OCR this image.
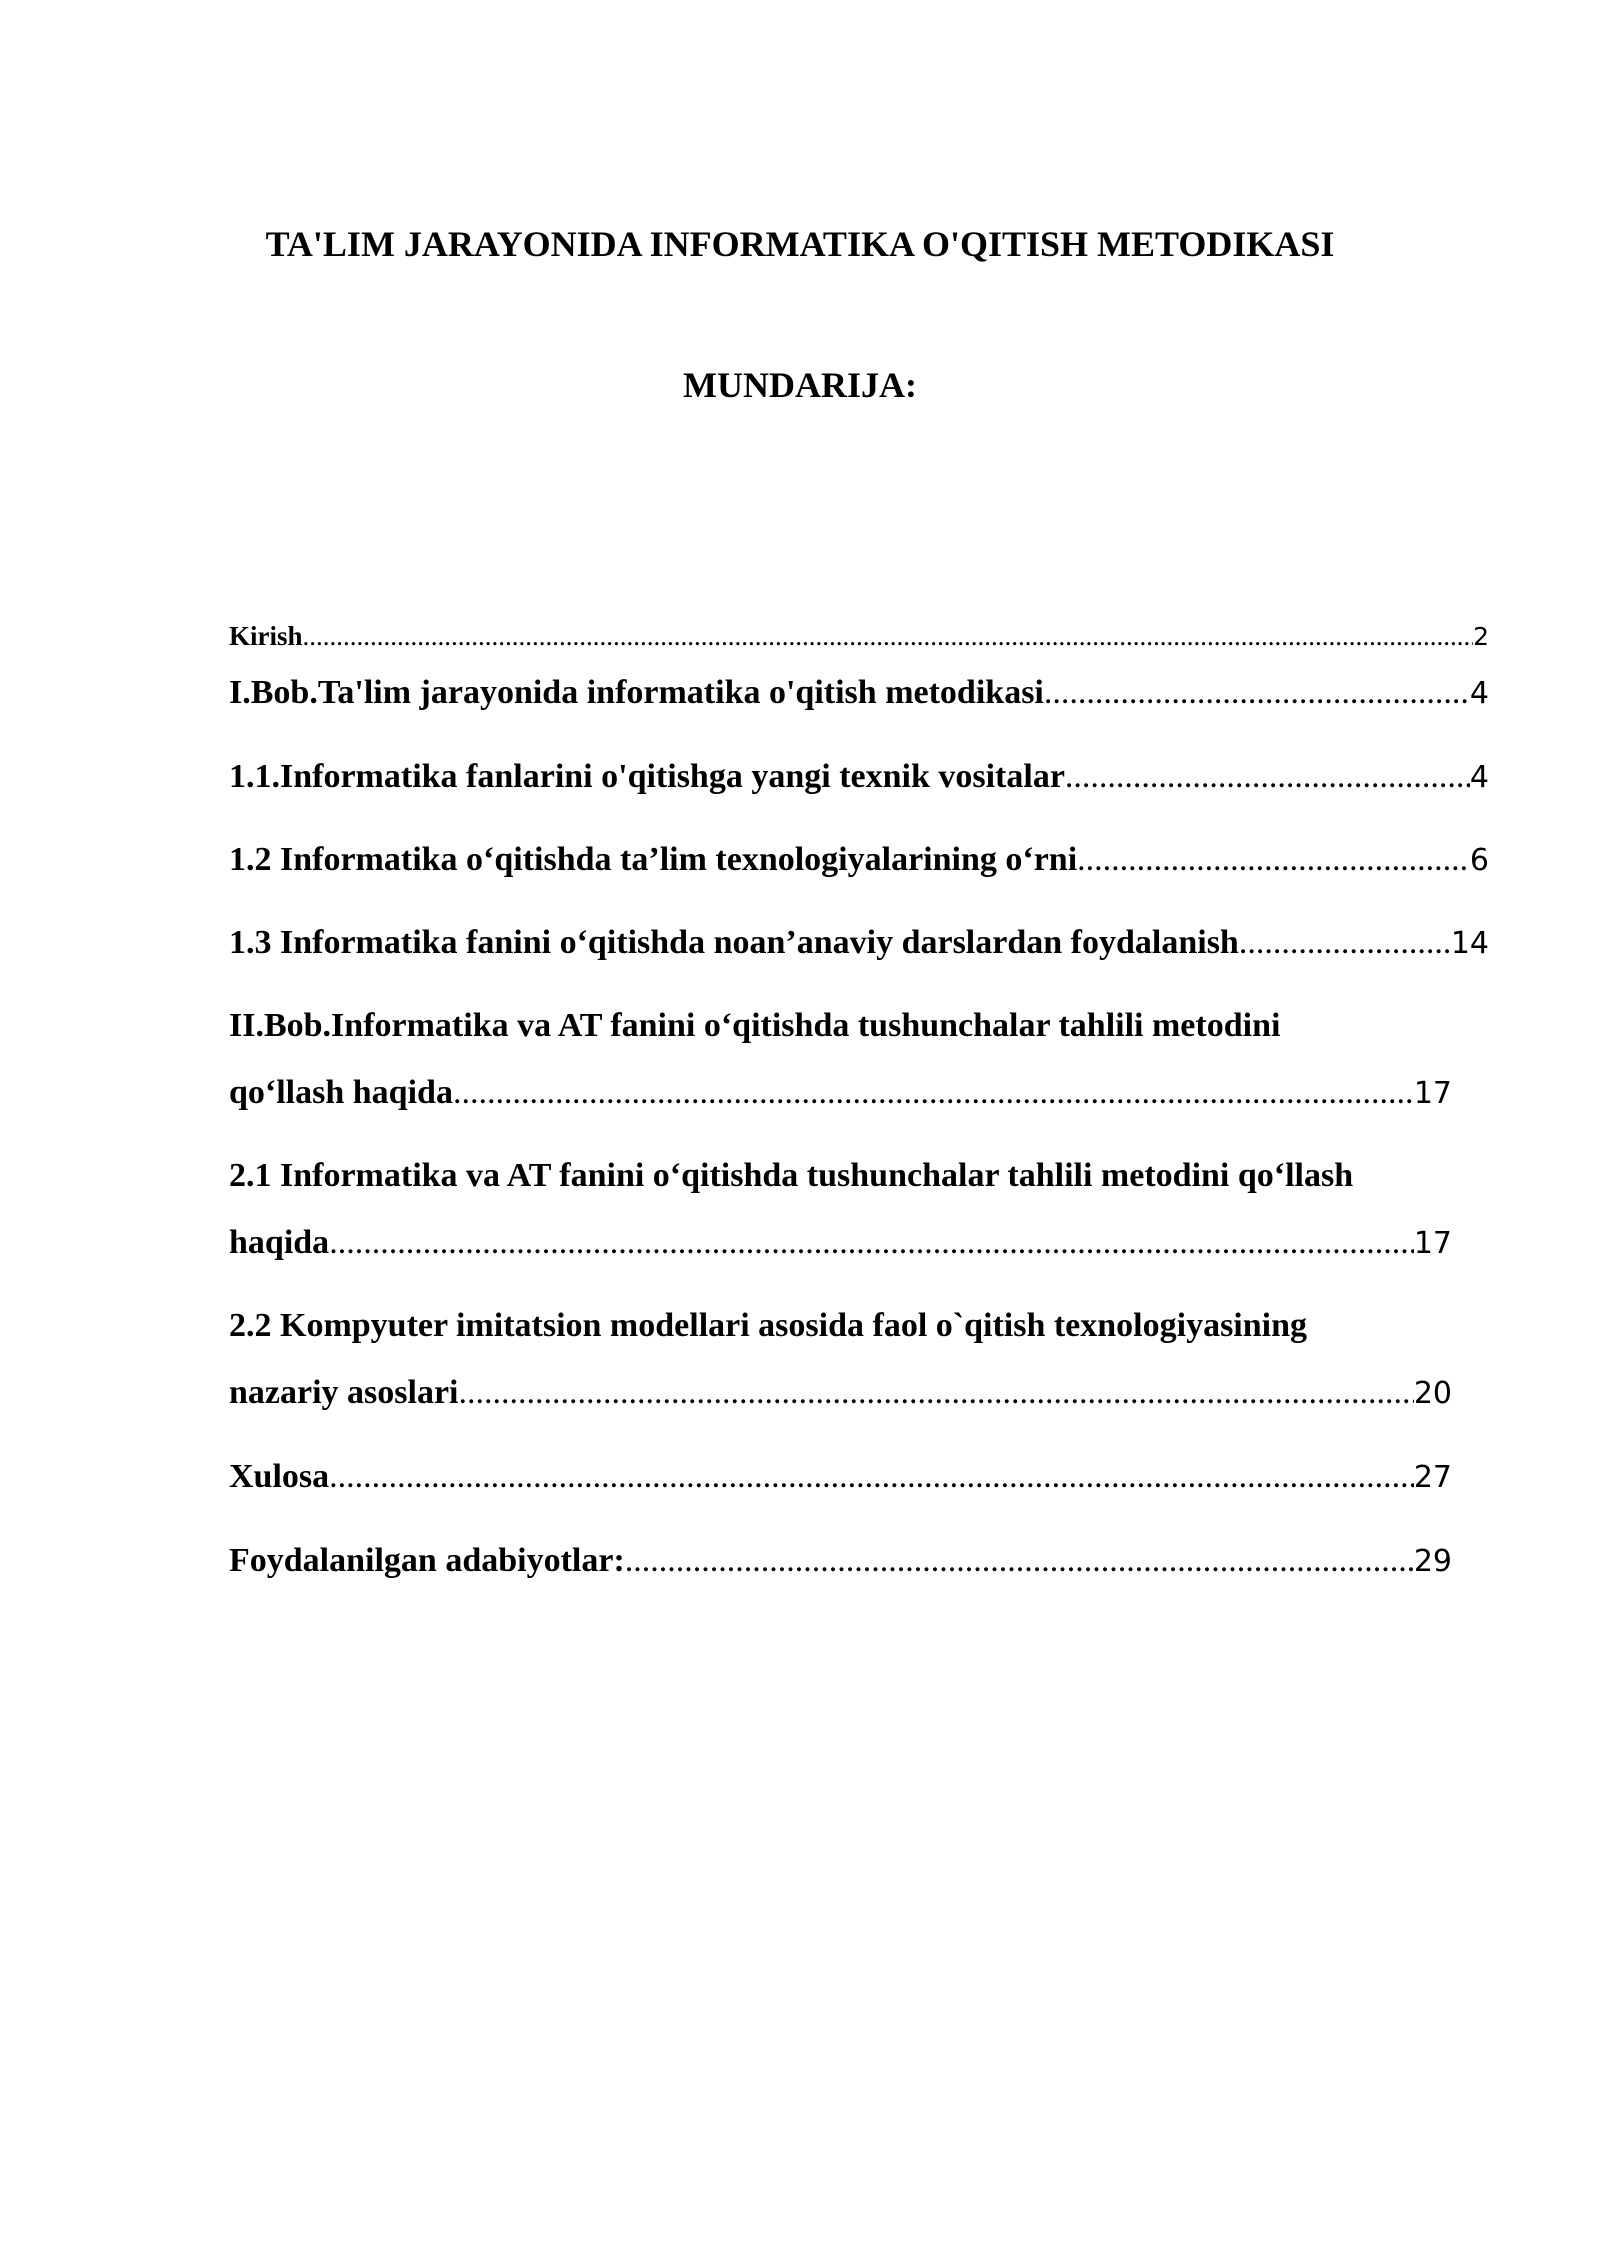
TA'LIM JARAYONIDA INFORMATIKA O'QITISH METODIKASI
MUNDARIJA:
Kirish .....	2
I.Bob.Ta'lim jarayonida informatika o'qitish metodikasi .....	4
1.1.Informatika fanlarini o'qitishga yangi texnik vositalar .....	4
1.2 Informatika o‘qitishda ta’lim texnologiyalarining o‘rni .....	6
1.3 Informatika fanini o‘qitishda noan’anaviy darslardan foydalanish .....	14
II.Bob.Informatika va AT fanini o‘qitishda tushunchalar tahlili metodini
qo‘llash haqida .....	17
2.1 Informatika va AT fanini o‘qitishda tushunchalar tahlili metodini qo‘llash
haqida .....	17
2.2 Kompyuter imitatsion modellari asosida faol o`qitish texnologiyasining
nazariy asoslari .....	20
Xulosa .....	27
Foydalanilgan adabiyotlar: .....	29
